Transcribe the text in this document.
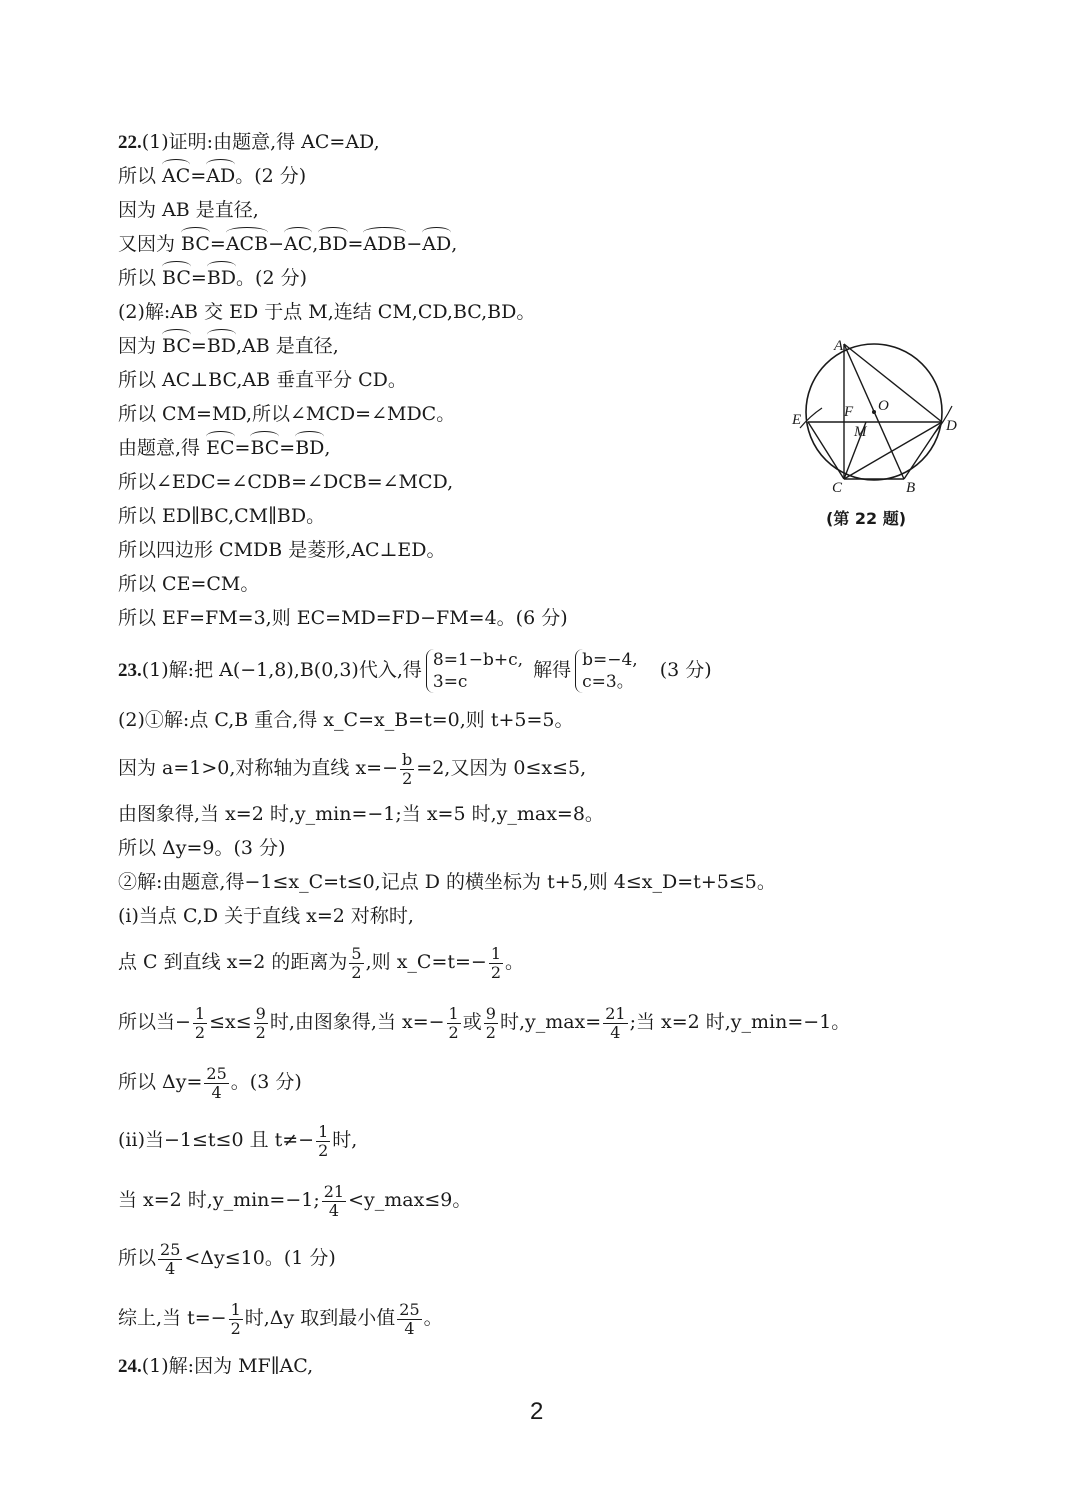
22.(1)证明:由题意,得 AC=AD,
所以 AC=AD。(2 分)
因为 AB 是直径,
又因为 BC=ACB−AC,BD=ADB−AD,
所以 BC=BD。(2 分)
(2)解:AB 交 ED 于点 M,连结 CM,CD,BC,BD。
因为 BC=BD,AB 是直径,
所以 AC⊥BC,AB 垂直平分 CD。
所以 CM=MD,所以∠MCD=∠MDC。
由题意,得 EC=BC=BD,
所以∠EDC=∠CDB=∠DCB=∠MCD,
所以 ED∥BC,CM∥BD。
所以四边形 CMDB 是菱形,AC⊥ED。
所以 CE=CM。
所以 EF=FM=3,则 EC=MD=FD−FM=4。(6 分)
A
O
E	F
M	D
C	B
(第 22 题)
23.(1)解:把 A(−1,8),B(0,3)代入,得 8=1−b+c,
3=c
解得 b=−4,
c=3。
(3 分)
(2)①解:点 C,B 重合,得 x_C=x_B=t=0,则 t+5=5。
因为 a=1>0,对称轴为直线 $x=- \frac{b}{2} =2$,又因为 0≤x≤5,
由图象得,当 x=2 时,y_min=−1;当 x=5 时,y_max=8。
所以 Δy=9。(3 分)
②解:由题意,得−1≤x_C=t≤0,记点 D 的横坐标为 t+5,则 4≤x_D=t+5≤5。
(i)当点 C,D 关于直线 x=2 对称时,
点 C 到直线 x=2 的距离为 $\frac{5}{2}$ ,则 x_C=t=− $\frac{1}{2}$ 。
所以当− $\frac{1}{2} \le x\le \frac{9}{2}$ 时,由图象得,当 $x=- \frac{1}{2}$ 或 $\frac{9}{2}$ 时,y_max= $\frac{21}{4}$ ;当 x=2 时,y_min=−1。
所以 $\Delta y= \frac{25}{4}$ 。(3 分)
(ii)当−1≤t≤0 且 $t\ne- \frac{1}{2}$ 时,
当 x=2 时,y_min=−1; $\frac{21}{4}$ <y_max≤9。
所以 $\frac{25}{4} <\Delta y\le 10$。(1 分)
综上,当 $t=- \frac{1}{2}$ 时,Δy 取到最小值 $\frac{25}{4}$ 。
24.(1)解:因为 MF∥AC,
2
